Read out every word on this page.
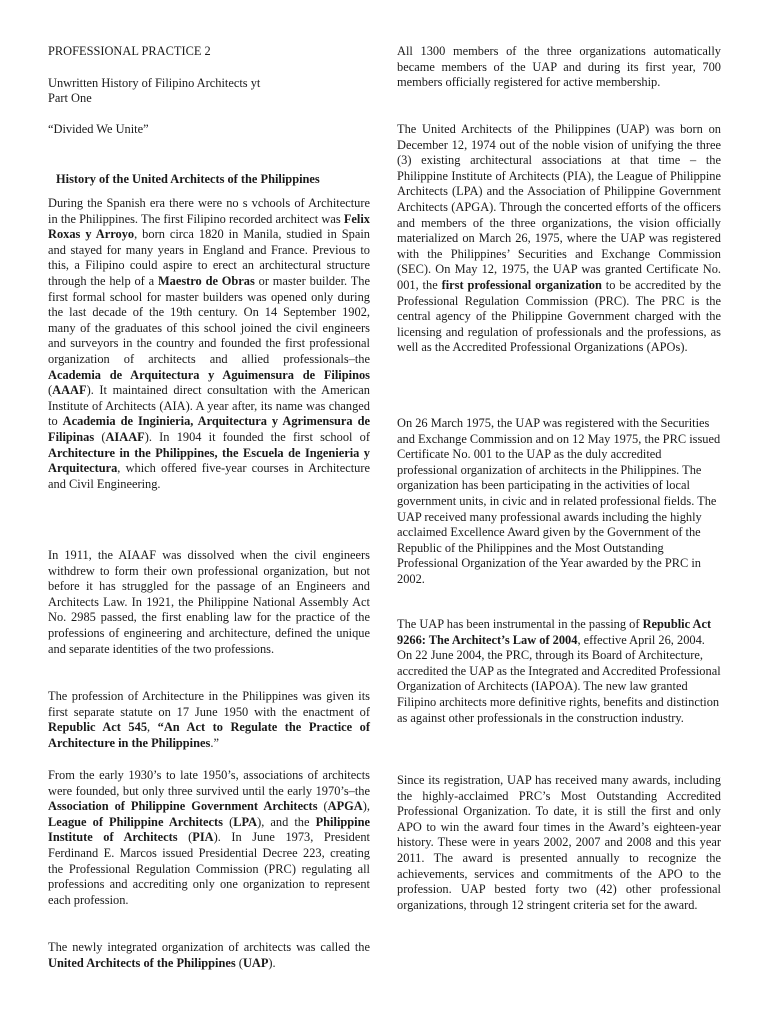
PROFESSIONAL PRACTICE 2
Unwritten History of Filipino Architects yt
Part One
“Divided We Unite”
History of the United Architects of the Philippines

During the Spanish era there were no s vchools of Architecture in the Philippines. The first Filipino recorded architect was Felix Roxas y Arroyo, born circa 1820 in Manila, studied in Spain and stayed for many years in England and France. Previous to this, a Filipino could aspire to erect an architectural structure through the help of a Maestro de Obras or master builder. The first formal school for master builders was opened only during the last decade of the 19th century. On 14 September 1902, many of the graduates of this school joined the civil engineers and surveyors in the country and founded the first professional organization of architects and allied professionals–the Academia de Arquitectura y Aguimensura de Filipinos (AAAF). It maintained direct consultation with the American Institute of Architects (AIA). A year after, its name was changed to Academia de Inginieria, Arquitectura y Agrimensura de Filipinas (AIAAF). In 1904 it founded the first school of Architecture in the Philippines, the Escuela de Ingenieria y Arquitectura, which offered five-year courses in Architecture and Civil Engineering.

In 1911, the AIAAF was dissolved when the civil engineers withdrew to form their own professional organization, but not before it has struggled for the passage of an Engineers and Architects Law. In 1921, the Philippine National Assembly Act No. 2985 passed, the first enabling law for the practice of the professions of engineering and architecture, defined the unique and separate identities of the two professions.

The profession of Architecture in the Philippines was given its first separate statute on 17 June 1950 with the enactment of Republic Act 545, “An Act to Regulate the Practice of Architecture in the Philippines.”

From the early 1930’s to late 1950’s, associations of architects were founded, but only three survived until the early 1970’s–the Association of Philippine Government Architects (APGA), League of Philippine Architects (LPA), and the Philippine Institute of Architects (PIA). In June 1973, President Ferdinand E. Marcos issued Presidential Decree 223, creating the Professional Regulation Commission (PRC) regulating all professions and accrediting only one organization to represent each profession.

The newly integrated organization of architects was called the United Architects of the Philippines (UAP).

All 1300 members of the three organizations automatically became members of the UAP and during its first year, 700 members officially registered for active membership.

The United Architects of the Philippines (UAP) was born on December 12, 1974 out of the noble vision of unifying the three (3) existing architectural associations at that time – the Philippine Institute of Architects (PIA), the League of Philippine Architects (LPA) and the Association of Philippine Government Architects (APGA). Through the concerted efforts of the officers and members of the three organizations, the vision officially materialized on March 26, 1975, where the UAP was registered with the Philippines’ Securities and Exchange Commission (SEC). On May 12, 1975, the UAP was granted Certificate No. 001, the first professional organization to be accredited by the Professional Regulation Commission (PRC). The PRC is the central agency of the Philippine Government charged with the licensing and regulation of professionals and the professions, as well as the Accredited Professional Organizations (APOs).

On 26 March 1975, the UAP was registered with the Securities and Exchange Commission and on 12 May 1975, the PRC issued Certificate No. 001 to the UAP as the duly accredited professional organization of architects in the Philippines. The organization has been participating in the activities of local government units, in civic and in related professional fields. The UAP received many professional awards including the highly acclaimed Excellence Award given by the Government of the Republic of the Philippines and the Most Outstanding Professional Organization of the Year awarded by the PRC in 2002.

The UAP has been instrumental in the passing of Republic Act 9266: The Architect’s Law of 2004, effective April 26, 2004. On 22 June 2004, the PRC, through its Board of Architecture, accredited the UAP as the Integrated and Accredited Professional Organization of Architects (IAPOA). The new law granted Filipino architects more definitive rights, benefits and distinction as against other professionals in the construction industry.

Since its registration, UAP has received many awards, including the highly-acclaimed PRC’s Most Outstanding Accredited Professional Organization. To date, it is still the first and only APO to win the award four times in the Award’s eighteen-year history. These were in years 2002, 2007 and 2008 and this year 2011. The award is presented annually to recognize the achievements, services and commitments of the APO to the profession. UAP bested forty two (42) other professional organizations, through 12 stringent criteria set for the award.
